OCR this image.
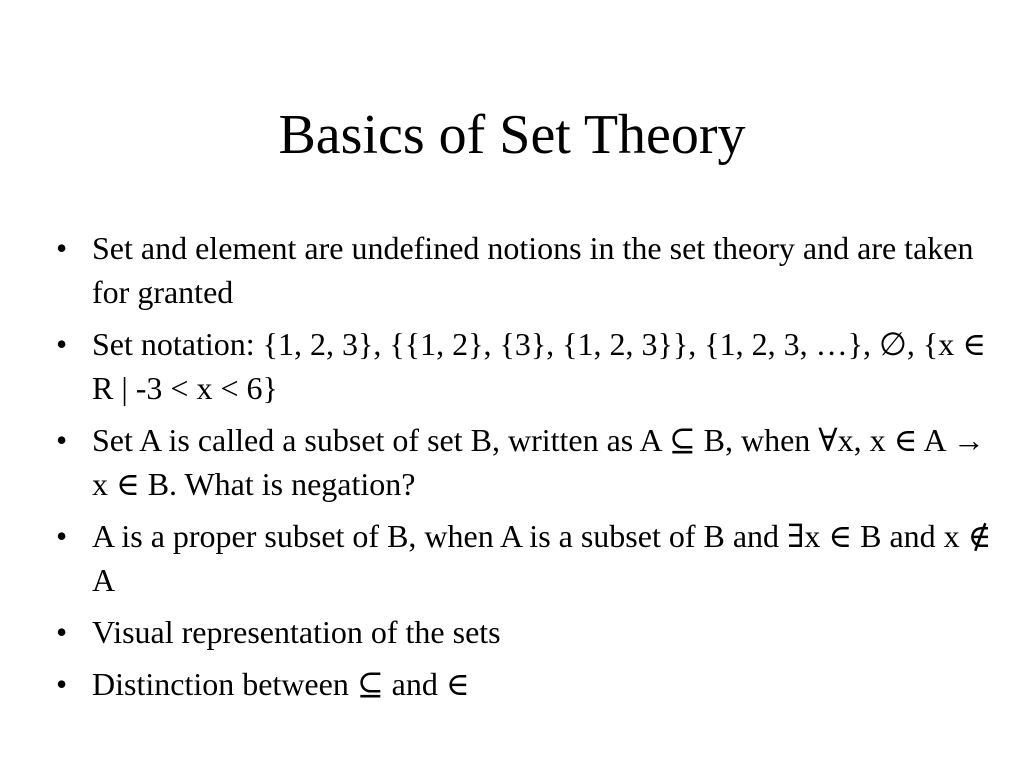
Basics of Set Theory
• Set and element are undefined notions in the set theory and are taken for granted
• Set notation: {1, 2, 3}, {{1, 2}, {3}, {1, 2, 3}}, {1, 2, 3, …}, ∅, {x ∈ R | -3 < x < 6}
• Set A is called a subset of set B, written as A ⊆ B, when ∀x, x ∈ A → x ∈ B. What is negation?
• A is a proper subset of B, when A is a subset of B and ∃x ∈ B and x ∉ A
• Visual representation of the sets
• Distinction between ⊆ and ∈
